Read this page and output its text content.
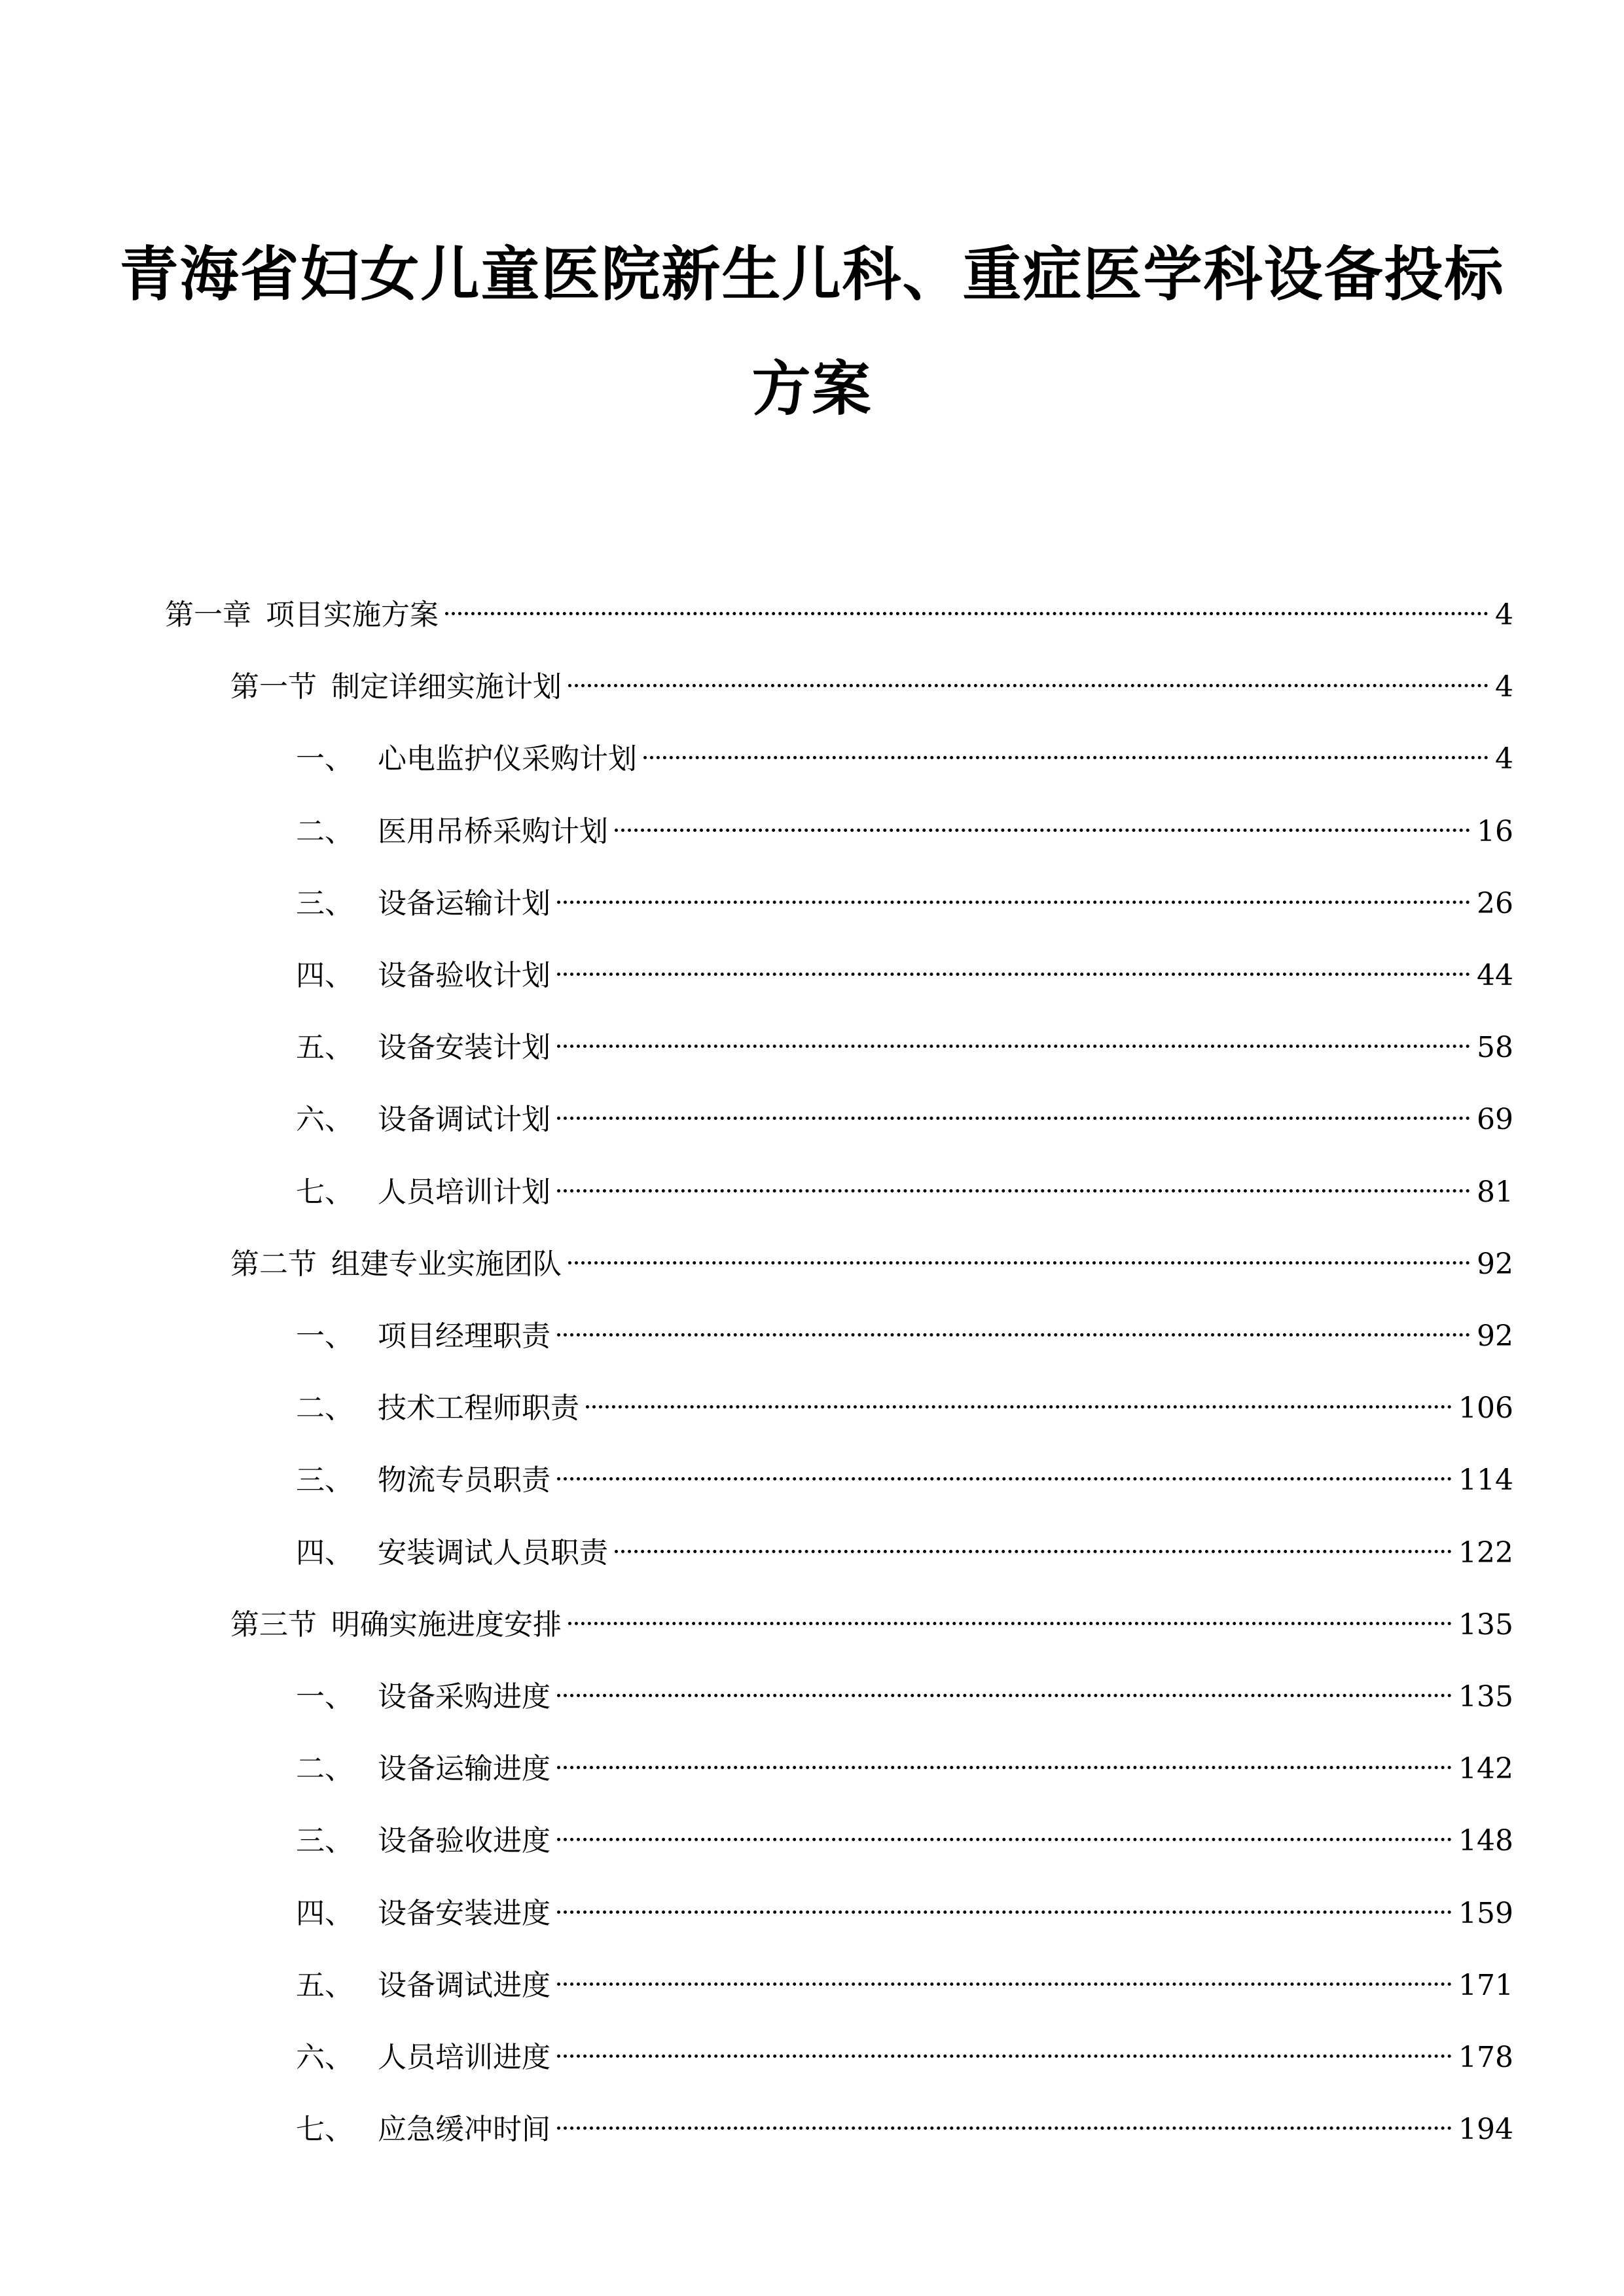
青海省妇女儿童医院新生儿科、重症医学科设备投标
方案
第一章 项目实施方案	4
第一节 制定详细实施计划	4
一、 心电监护仪采购计划	4
二、 医用吊桥采购计划	16
三、 设备运输计划	26
四、 设备验收计划	44
五、 设备安装计划	58
六、 设备调试计划	69
七、 人员培训计划	81
第二节 组建专业实施团队	92
一、 项目经理职责	92
二、 技术工程师职责	106
三、 物流专员职责	114
四、 安装调试人员职责	122
第三节 明确实施进度安排	135
一、 设备采购进度	135
二、 设备运输进度	142
三、 设备验收进度	148
四、 设备安装进度	159
五、 设备调试进度	171
六、 人员培训进度	178
七、 应急缓冲时间	194
